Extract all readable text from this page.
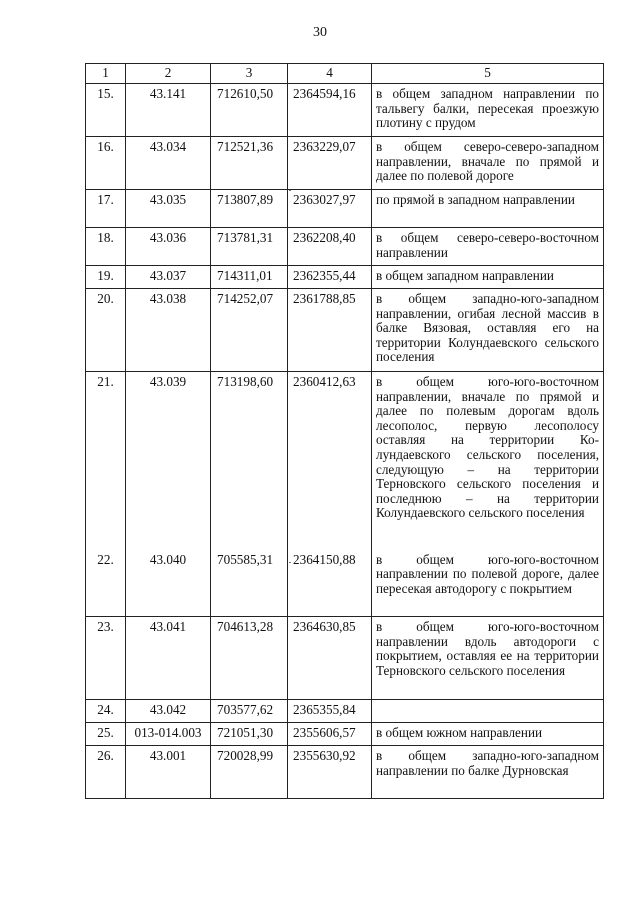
30
1	2	3	4	5
15.	43.141	712610,50	2364594,16	в общем западном направлении по тальвегу балки, пересекая проезжую плотину с прудом
16.	43.034	712521,36	2363229,07	в общем северо-северо-западном направлении, вначале по прямой и далее по полевой дороге
17.	43.035	713807,89	2363027,97	по прямой в западном направлении
18.	43.036	713781,31	2362208,40	в общем северо-северо-восточном направлении
19.	43.037	714311,01	2362355,44	в общем западном направлении
20.	43.038	714252,07	2361788,85	в общем западно-юго-западном направлении, огибая лесной массив в балке Вязовая, оставляя его на территории Колундаевского сельского поселения
21.	43.039	713198,60	2360412,63	в общем юго-юго-восточном направлении, вначале по прямой и далее по полевым дорогам вдоль лесополос, первую лесополосу оставляя на территории Колундаевского сельского поселения, следующую – на территории Терновского сельского поселения и последнюю – на территории Колундаевского сельского поселения
22.	43.040	705585,31	2364150,88	в общем юго-юго-восточном направлении по полевой дороге, далее пересекая автодорогу с покрытием
23.	43.041	704613,28	2364630,85	в общем юго-юго-восточном направлении вдоль автодороги с покрытием, оставляя ее на территории Терновского сельского поселения
24.	43.042	703577,62	2365355,84	
25.	013-014.003	721051,30	2355606,57	в общем южном направлении
26.	43.001	720028,99	2355630,92	в общем западно-юго-западном направлении по балке Дурновская
